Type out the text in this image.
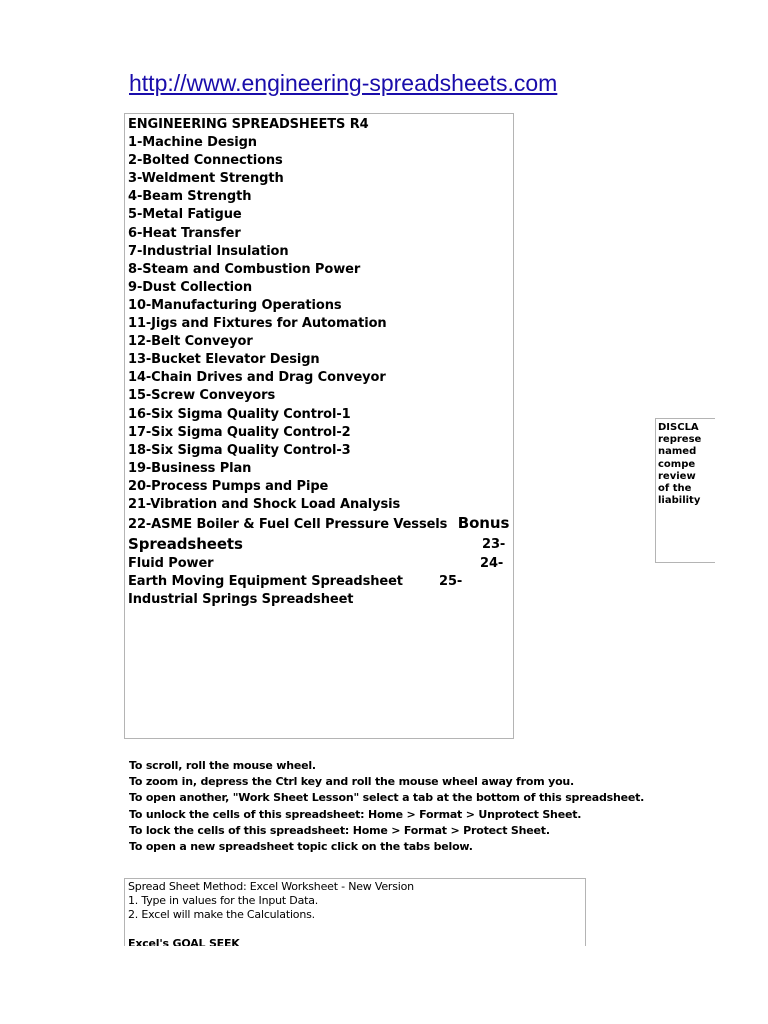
http://www.engineering-spreadsheets.com
ENGINEERING SPREADSHEETS R4
1-Machine Design
2-Bolted Connections
3-Weldment Strength
4-Beam Strength
5-Metal Fatigue
6-Heat Transfer
7-Industrial Insulation
8-Steam and Combustion Power
9-Dust Collection
10-Manufacturing Operations
11-Jigs and Fixtures for Automation
12-Belt Conveyor
13-Bucket Elevator Design
14-Chain Drives and Drag Conveyor
15-Screw Conveyors
16-Six Sigma Quality Control-1
17-Six Sigma Quality Control-2
18-Six Sigma Quality Control-3
19-Business Plan
20-Process Pumps and Pipe
21-Vibration and Shock Load Analysis
22-ASME Boiler & Fuel Cell Pressure Vessels Bonus
Spreadsheets	23-
Fluid Power	24-
Earth Moving Equipment Spreadsheet	25-
Industrial Springs Spreadsheet
DISCLA
represe
named
compe
review
of the
liability
To scroll, roll the mouse wheel.
To zoom in, depress the Ctrl key and roll the mouse wheel away from you.
To open another, "Work Sheet Lesson" select a tab at the bottom of this spreadsheet.
To unlock the cells of this spreadsheet: Home > Format > Unprotect Sheet.
To lock the cells of this spreadsheet: Home > Format > Protect Sheet.
To open a new spreadsheet topic click on the tabs below.
Spread Sheet Method: Excel Worksheet - New Version
1. Type in values for the Input Data.
2. Excel will make the Calculations.
Excel's GOAL SEEK
